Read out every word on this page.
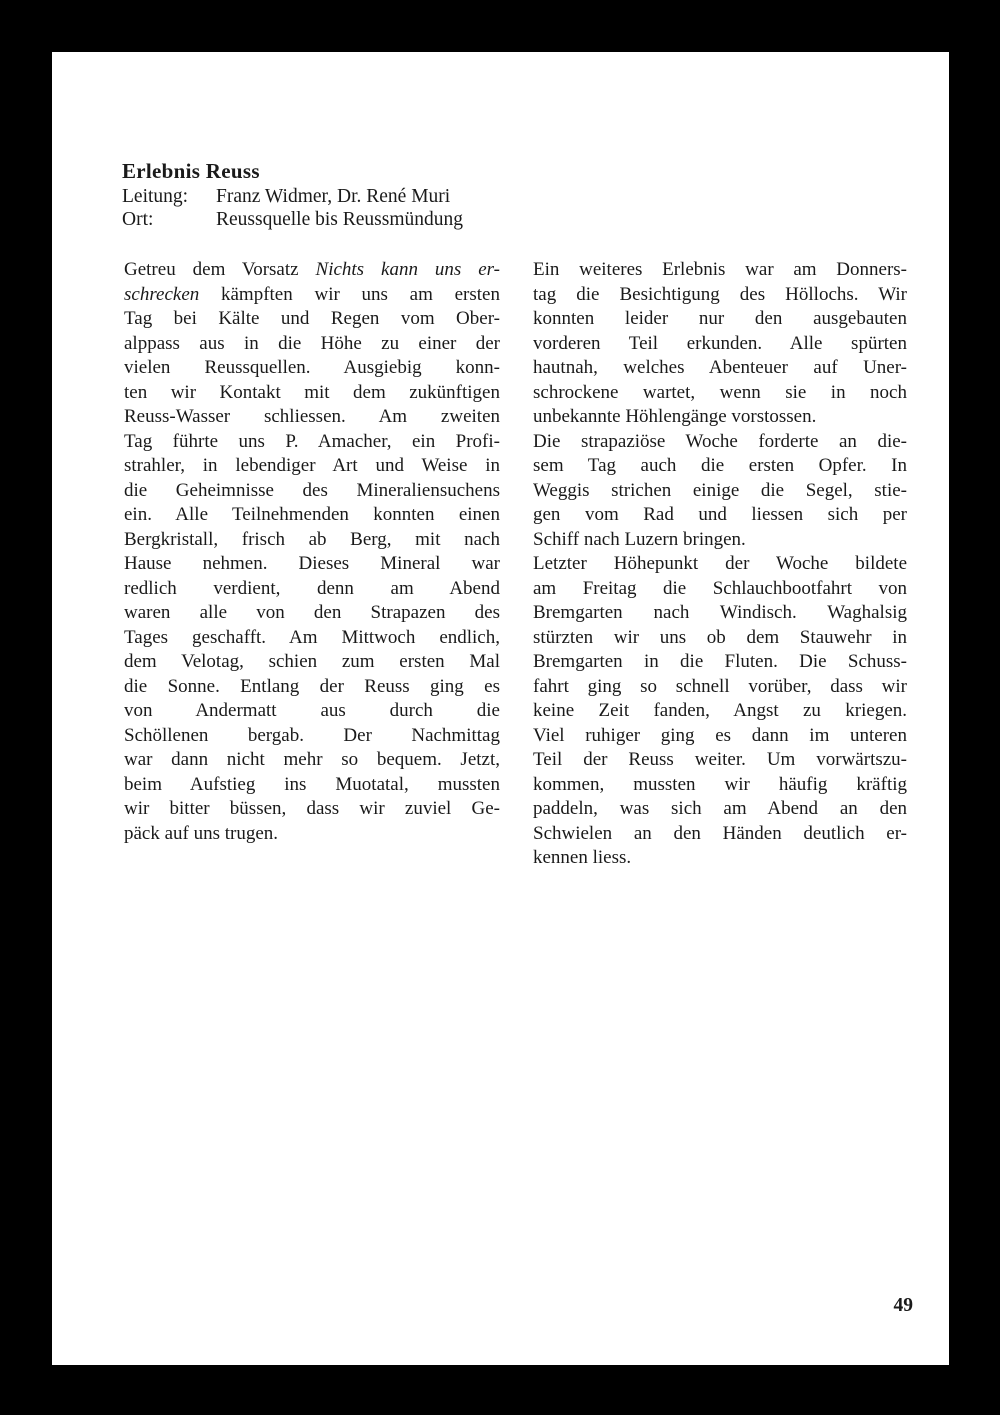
Erlebnis Reuss
Leitung:	Franz Widmer, Dr. René Muri
Ort:	Reussquelle bis Reussmündung
Getreu dem Vorsatz Nichts kann uns er-
schrecken kämpften wir uns am ersten
Tag bei Kälte und Regen vom Ober-
alppass aus in die Höhe zu einer der
vielen Reussquellen. Ausgiebig konn-
ten wir Kontakt mit dem zukünftigen
Reuss-Wasser schliessen. Am zweiten
Tag führte uns P. Amacher, ein Profi-
strahler, in lebendiger Art und Weise in
die Geheimnisse des Mineraliensuchens
ein. Alle Teilnehmenden konnten einen
Bergkristall, frisch ab Berg, mit nach
Hause nehmen. Dieses Mineral war
redlich verdient, denn am Abend
waren alle von den Strapazen des
Tages geschafft. Am Mittwoch endlich,
dem Velotag, schien zum ersten Mal
die Sonne. Entlang der Reuss ging es
von Andermatt aus durch die
Schöllenen bergab. Der Nachmittag
war dann nicht mehr so bequem. Jetzt,
beim Aufstieg ins Muotatal, mussten
wir bitter büssen, dass wir zuviel Ge-
päck auf uns trugen.
Ein weiteres Erlebnis war am Donners-
tag die Besichtigung des Höllochs. Wir
konnten leider nur den ausgebauten
vorderen Teil erkunden. Alle spürten
hautnah, welches Abenteuer auf Uner-
schrockene wartet, wenn sie in noch
unbekannte Höhlengänge vorstossen.
Die strapaziöse Woche forderte an die-
sem Tag auch die ersten Opfer. In
Weggis strichen einige die Segel, stie-
gen vom Rad und liessen sich per
Schiff nach Luzern bringen.
Letzter Höhepunkt der Woche bildete
am Freitag die Schlauchbootfahrt von
Bremgarten nach Windisch. Waghalsig
stürzten wir uns ob dem Stauwehr in
Bremgarten in die Fluten. Die Schuss-
fahrt ging so schnell vorüber, dass wir
keine Zeit fanden, Angst zu kriegen.
Viel ruhiger ging es dann im unteren
Teil der Reuss weiter. Um vorwärtszu-
kommen, mussten wir häufig kräftig
paddeln, was sich am Abend an den
Schwielen an den Händen deutlich er-
kennen liess.
49
